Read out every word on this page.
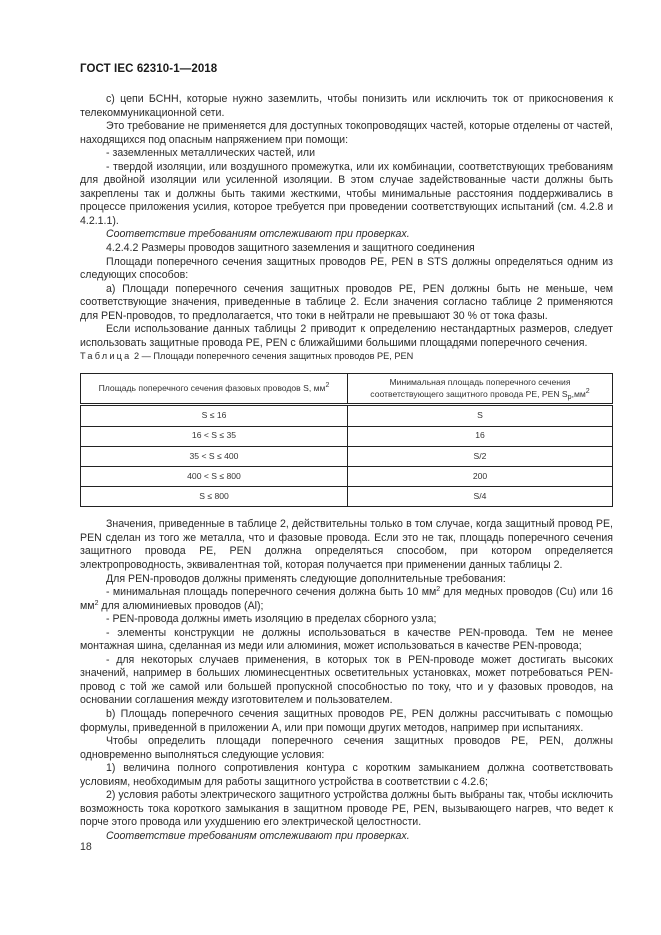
ГОСТ IEC 62310-1—2018

c) цепи БСНН, которые нужно заземлить, чтобы понизить или исключить ток от прикосновения к телекоммуникационной сети.

Это требование не применяется для доступных токопроводящих частей, которые отделены от частей, находящихся под опасным напряжением при помощи:

- заземленных металлических частей, или

- твердой изоляции, или воздушного промежутка, или их комбинации, соответствующих требованиям для двойной изоляции или усиленной изоляции. В этом случае задействованные части должны быть закреплены так и должны быть такими жесткими, чтобы минимальные расстояния поддерживались в процессе приложения усилия, которое требуется при проведении соответствующих испытаний (см. 4.2.8 и 4.2.1.1).

Соответствие требованиям отслеживают при проверках.

4.2.4.2 Размеры проводов защитного заземления и защитного соединения

Площади поперечного сечения защитных проводов PE, PEN в STS должны определяться одним из следующих способов:

a) Площади поперечного сечения защитных проводов PE, PEN должны быть не меньше, чем соответствующие значения, приведенные в таблице 2. Если значения согласно таблице 2 применяются для PEN-проводов, то предлолагается, что токи в нейтрали не превышают 30 % от тока фазы.

Если использование данных таблицы 2 приводит к определению нестандартных размеров, следует использовать защитные провода PE, PEN с ближайшими большими площадями поперечного сечения.

Таблица 2 — Площади поперечного сечения защитных проводов PE, PEN

Площадь поперечного сечения фазовых проводов S, $мм^2$	Минимальная площадь поперечного сечения
соответствующего защитного провода PE, PEN $S_p,мм^2$
S ≤ 16	S
16 < S ≤ 35	16
35 < S ≤ 400	S/2
400 < S ≤ 800	200
S ≤ 800	S/4

Значения, приведенные в таблице 2, действительны только в том случае, когда защитный провод PE, PEN сделан из того же металла, что и фазовые провода. Если это не так, площадь поперечного сечения защитного провода PE, PEN должна определяться способом, при котором определяется электропроводность, эквивалентная той, которая получается при применении данных таблицы 2.

Для PEN-проводов должны применять следующие дополнительные требования:

- минимальная площадь поперечного сечения должна быть 10 $мм^2$ для медных проводов (Cu) или 16 $мм^2$ для алюминиевых проводов (Al);

- PEN-провода должны иметь изоляцию в пределах сборного узла;

- элементы конструкции не должны использоваться в качестве PEN-провода. Тем не менее монтажная шина, сделанная из меди или алюминия, может использоваться в качестве PEN-провода;

- для некоторых случаев применения, в которых ток в PEN-проводе может достигать высоких значений, например в больших люминесцентных осветительных установках, может потребоваться PEN-провод с той же самой или большей пропускной способностью по току, что и у фазовых проводов, на основании соглашения между изготовителем и пользователем.

b) Площадь поперечного сечения защитных проводов PE, PEN должны рассчитывать с помощью формулы, приведенной в приложении A, или при помощи других методов, например при испытаниях.

Чтобы определить площади поперечного сечения защитных проводов PE, PEN, должны одновременно выполняться следующие условия:

1) величина полного сопротивления контура с коротким замыканием должна соответствовать условиям, необходимым для работы защитного устройства в соответствии с 4.2.6;

2) условия работы электрического защитного устройства должны быть выбраны так, чтобы исключить возможность тока короткого замыкания в защитном проводе PE, PEN, вызывающего нагрев, что ведет к порче этого провода или ухудшению его электрической целостности.

Соответствие требованиям отслеживают при проверках.

18
